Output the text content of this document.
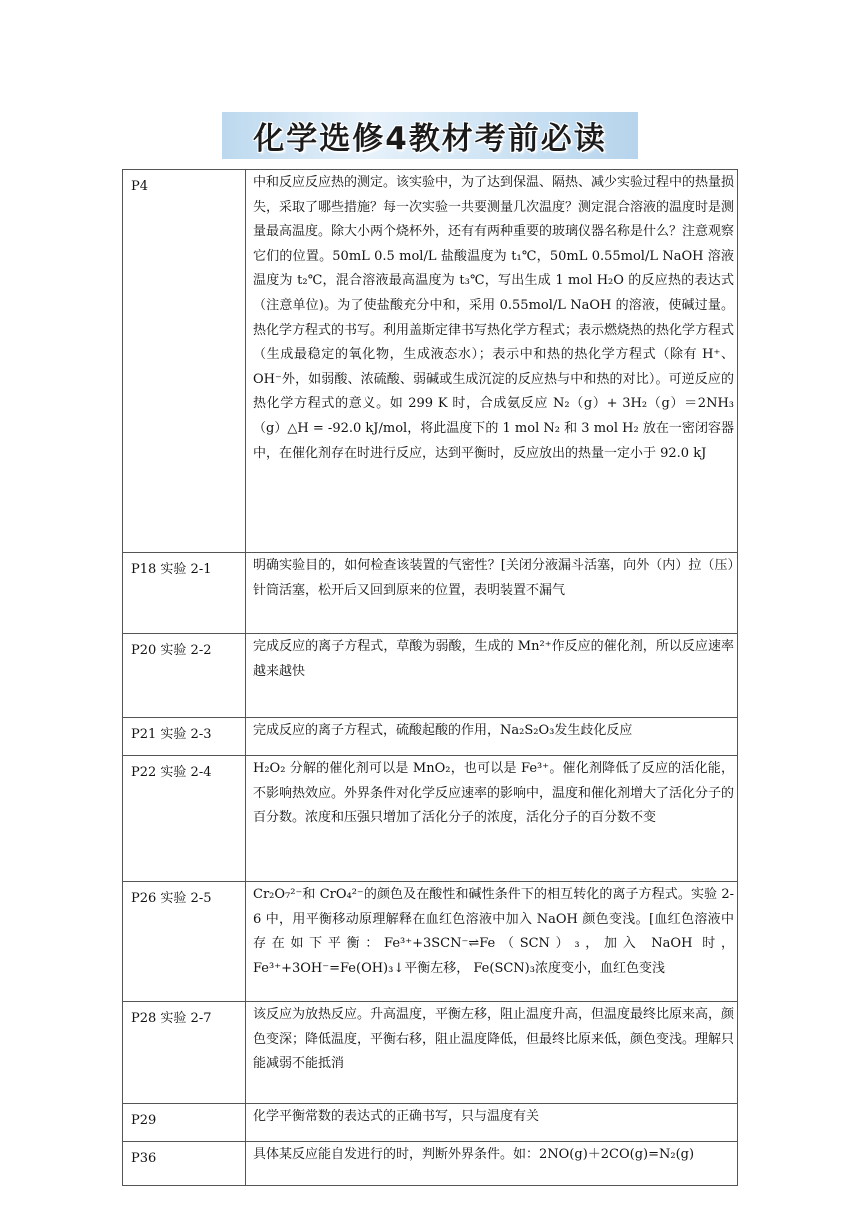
化学选修4教材考前必读
P4	中和反应反应热的测定。该实验中，为了达到保温、隔热、减少实验过程中的热量损失，采取了哪些措施？每一次实验一共要测量几次温度？测定混合溶液的温度时是测量最高温度。除大小两个烧杯外，还有有两种重要的玻璃仪器名称是什么？注意观察它们的位置。50mL 0.5 mol/L 盐酸温度为 t₁℃，50mL 0.55mol/L NaOH 溶液温度为 t₂℃，混合溶液最高温度为 t₃℃，写出生成 1 mol H₂O 的反应热的表达式（注意单位)。为了使盐酸充分中和，采用 0.55mol/L NaOH 的溶液，使碱过量。热化学方程式的书写。利用盖斯定律书写热化学方程式；表示燃烧热的热化学方程式（生成最稳定的氧化物，生成液态水）；表示中和热的热化学方程式（除有 H⁺、OH⁻外，如弱酸、浓硫酸、弱碱或生成沉淀的反应热与中和热的对比）。可逆反应的热化学方程式的意义。如 299 K 时，合成氨反应 N₂（g）+ 3H₂（g）＝2NH₃（g）△H = -92.0 kJ/mol，将此温度下的 1 mol N₂ 和 3 mol H₂ 放在一密闭容器中，在催化剂存在时进行反应，达到平衡时，反应放出的热量一定小于 92.0 kJ
P18 实验 2-1	明确实验目的，如何检查该装置的气密性？[关闭分液漏斗活塞，向外（内）拉（压）针筒活塞，松开后又回到原来的位置，表明装置不漏气
P20 实验 2-2	完成反应的离子方程式，草酸为弱酸，生成的 Mn²⁺作反应的催化剂，所以反应速率越来越快
P21 实验 2-3	完成反应的离子方程式，硫酸起酸的作用，Na₂S₂O₃发生歧化反应
P22 实验 2-4	H₂O₂ 分解的催化剂可以是 MnO₂，也可以是 Fe³⁺。催化剂降低了反应的活化能，不影响热效应。外界条件对化学反应速率的影响中，温度和催化剂增大了活化分子的百分数。浓度和压强只增加了活化分子的浓度，活化分子的百分数不变
P26 实验 2-5	Cr₂O₇²⁻和 CrO₄²⁻的颜色及在酸性和碱性条件下的相互转化的离子方程式。实验 2-6 中，用平衡移动原理解释在血红色溶液中加入 NaOH 颜色变浅。[血红色溶液中存在如下平衡：Fe³⁺+3SCN⁻⇌Fe（SCN）₃，加入 NaOH 时，Fe³⁺+3OH⁻=Fe(OH)₃↓平衡左移， Fe(SCN)₃浓度变小，血红色变浅
P28 实验 2-7	该反应为放热反应。升高温度，平衡左移，阻止温度升高，但温度最终比原来高，颜色变深；降低温度，平衡右移，阻止温度降低，但最终比原来低，颜色变浅。理解只能减弱不能抵消
P29	化学平衡常数的表达式的正确书写，只与温度有关
P36	具体某反应能自发进行的时，判断外界条件。如：2NO(g)＋2CO(g)=N₂(g)
